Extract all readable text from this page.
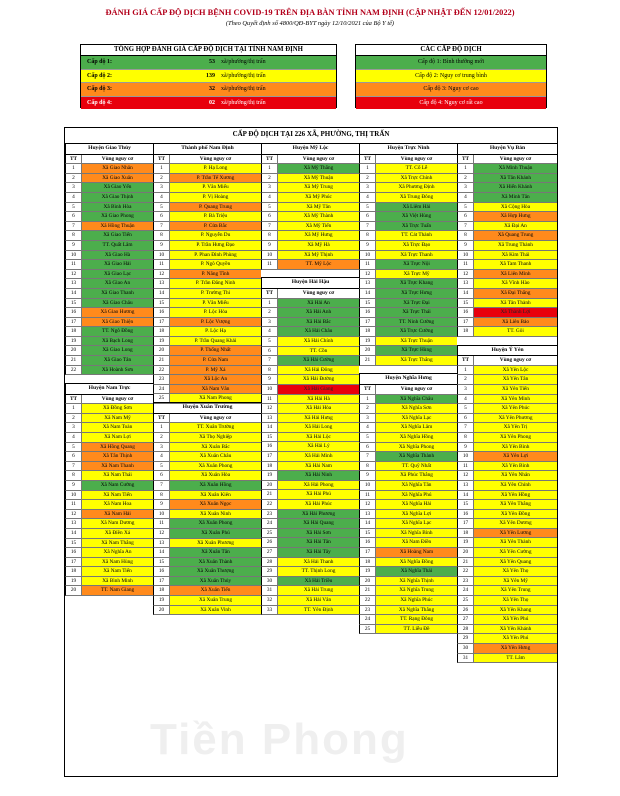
ĐÁNH GIÁ CẤP ĐỘ DỊCH BỆNH COVID-19 TRÊN ĐỊA BÀN TỈNH NAM ĐỊNH (CẬP NHẬT ĐẾN 12/01/2022)
(Theo Quyết định số 4800/QĐ-BYT ngày 12/10/2021 của Bộ Y tế)
TỔNG HỢP ĐÁNH GIÁ CẤP ĐỘ DỊCH TẠI TỈNH NAM ĐỊNH
Cấp độ 1:	53 xã/phường/thị trấn
Cấp độ 2:	139 xã/phường/thị trấn
Cấp độ 3:	32 xã/phường/thị trấn
Cấp độ 4:	02 xã/phường/thị trấn
CÁC CẤP ĐỘ DỊCH
Cấp độ 1: Bình thường mới
Cấp độ 2: Nguy cơ trung bình
Cấp độ 3: Nguy cơ cao
Cấp độ 4: Nguy cơ rất cao
CẤP ĐỘ DỊCH TẠI 226 XÃ, PHƯỜNG, THỊ TRẤN
Huyện Giao Thủy
TT	Vùng nguy cơ
1	Xã Giao Nhân
2	Xã Giao Xuân
3	Xã Giao Yến
4	Xã Giao Thịnh
5	Xã Bình Hòa
6	Xã Giao Phong
7	Xã Hồng Thuận
8	Xã Giao Tiến
9	TT. Quất Lâm
10	Xã Giao Hà
11	Xã Giao Hải
12	Xã Giao Lạc
13	Xã Giao An
14	Xã Giao Thanh
15	Xã Giao Châu
16	Xã Giao Hương
17	Xã Giao Thiện
18	TT. Ngô Đồng
19	Xã Bạch Long
20	Xã Giao Long
21	Xã Giao Tân
22	Xã Hoành Sơn
Thành phố Nam Định
TT	Vùng nguy cơ
1	P. Hạ Long
2	P. Trần Tế Xương
3	P. Văn Miếu
4	P. Vị Hoàng
5	P. Quang Trung
6	P. Bà Triệu
7	P. Cửa Bắc
8	P. Nguyễn Du
9	P. Trần Hưng Đạo
10	P. Phan Đình Phùng
11	P. Ngô Quyền
12	P. Năng Tĩnh
13	P. Trần Đăng Ninh
14	P. Trường Thi
15	P. Văn Miếu
16	P. Lộc Hòa
17	P. Lộc Vượng
18	P. Lộc Hạ
19	P. Trần Quang Khải
20	P. Thống Nhất
21	P. Cửa Nam
22	P. Mỹ Xá
23	Xã Lộc An
24	Xã Nam Vân
25	Xã Nam Phong
Huyện Mỹ Lộc
TT	Vùng nguy cơ
1	Xã Mỹ Thắng
2	Xã Mỹ Thuận
3	Xã Mỹ Trung
4	Xã Mỹ Phúc
5	Xã Mỹ Tân
6	Xã Mỹ Thành
7	Xã Mỹ Tiến
8	Xã Mỹ Hưng
9	Xã Mỹ Hà
10	Xã Mỹ Thịnh
11	TT. Mỹ Lộc
Huyện Trực Ninh
TT	Vùng nguy cơ
1	TT. Cổ Lễ
2	Xã Trực Chính
3	Xã Phương Định
4	Xã Trung Đông
5	Xã Liêm Hải
6	Xã Việt Hùng
7	Xã Trực Tuấn
8	TT. Cát Thành
9	Xã Trực Đạo
10	Xã Trực Thanh
11	Xã Trực Nội
12	Xã Trực Mỹ
13	Xã Trực Khang
14	Xã Trực Hưng
15	Xã Trực Đại
16	Xã Trực Thái
17	TT. Ninh Cường
18	Xã Trực Cường
19	Xã Trực Thuận
20	Xã Trực Hùng
21	Xã Trực Thắng
Huyện Vụ Bản
TT	Vùng nguy cơ
1	Xã Minh Thuận
2	Xã Tân Khánh
3	Xã Hiển Khánh
4	Xã Minh Tân
5	Xã Cộng Hòa
6	Xã Hợp Hưng
7	Xã Đại An
8	Xã Quang Trung
9	Xã Trung Thành
10	Xã Kim Thái
11	Xã Tam Thanh
12	Xã Liên Minh
13	Xã Vĩnh Hào
14	Xã Đại Thắng
15	Xã Tân Thành
16	Xã Thành Lợi
17	Xã Liên Bảo
18	TT. Gôi
Huyện Nam Trực
TT	Vùng nguy cơ
1	Xã Đồng Sơn
2	Xã Nam Mỹ
3	Xã Nam Toàn
4	Xã Nam Lợi
5	Xã Hồng Quang
6	Xã Tân Thịnh
7	Xã Nam Thanh
8	Xã Nam Thái
9	Xã Nam Cường
10	Xã Nam Tiến
11	Xã Nam Hoa
12	Xã Nam Hải
13	Xã Nam Dương
14	Xã Điền Xá
15	Xã Nam Thắng
16	Xã Nghĩa An
17	Xã Nam Hùng
18	Xã Nam Tiến
19	Xã Bình Minh
20	TT. Nam Giang
Huyện Xuân Trường
TT	Vùng nguy cơ
1	TT. Xuân Trường
2	Xã Thọ Nghiệp
3	Xã Xuân Bắc
4	Xã Xuân Châu
5	Xã Xuân Phong
6	Xã Xuân Hòa
7	Xã Xuân Hồng
8	Xã Xuân Kiên
9	Xã Xuân Ngọc
10	Xã Xuân Ninh
11	Xã Xuân Phong
12	Xã Xuân Phú
13	Xã Xuân Phương
14	Xã Xuân Tân
15	Xã Xuân Thành
16	Xã Xuân Thượng
17	Xã Xuân Thủy
18	Xã Xuân Tiến
19	Xã Xuân Trung
20	Xã Xuân Vinh
Huyện Hải Hậu
TT	Vùng nguy cơ
1	Xã Hải An
2	Xã Hải Anh
3	Xã Hải Bắc
4	Xã Hải Châu
5	Xã Hải Chính
6	TT. Cồn
7	Xã Hải Cường
8	Xã Hải Đông
9	Xã Hải Đường
10	Xã Hải Giang
11	Xã Hải Hà
12	Xã Hải Hòa
13	Xã Hải Hưng
14	Xã Hải Long
15	Xã Hải Lộc
16	Xã Hải Lý
17	Xã Hải Minh
18	Xã Hải Nam
19	Xã Hải Ninh
20	Xã Hải Phong
21	Xã Hải Phú
22	Xã Hải Phúc
23	Xã Hải Phương
24	Xã Hải Quang
25	Xã Hải Sơn
26	Xã Hải Tân
27	Xã Hải Tây
28	Xã Hải Thanh
29	TT. Thịnh Long
30	Xã Hải Triều
31	Xã Hải Trung
32	Xã Hải Vân
33	TT. Yên Định
Huyện Nghĩa Hưng
TT	Vùng nguy cơ
1	Xã Nghĩa Châu
2	Xã Nghĩa Sơn
3	Xã Nghĩa Lạc
4	Xã Nghĩa Lâm
5	Xã Nghĩa Hồng
6	Xã Nghĩa Phong
7	Xã Nghĩa Thành
8	TT. Quỹ Nhất
9	Xã Phúc Thắng
10	Xã Nghĩa Tân
11	Xã Nghĩa Phú
12	Xã Nghĩa Hải
13	Xã Nghĩa Lợi
14	Xã Nghĩa Lạc
15	Xã Nghĩa Bình
16	Xã Nam Điền
17	Xã Hoàng Nam
18	Xã Nghĩa Đồng
19	Xã Nghĩa Thái
20	Xã Nghĩa Thịnh
21	Xã Nghĩa Trung
22	Xã Nghĩa Phúc
23	Xã Nghĩa Thắng
24	TT. Rạng Đông
25	TT. Liễu Đề
Huyện Ý Yên
TT	Vùng nguy cơ
1	Xã Yên Lộc
2	Xã Yên Tân
3	Xã Yên Tiến
4	Xã Yên Minh
5	Xã Yên Phúc
6	Xã Yên Phương
7	Xã Yên Trị
8	Xã Yên Phong
9	Xã Yên Bình
10	Xã Yên Lợi
11	Xã Yên Bình
12	Xã Yên Nhân
13	Xã Yên Chính
14	Xã Yên Hồng
15	Xã Yên Thắng
16	Xã Yên Đồng
17	Xã Yên Dương
18	Xã Yên Lương
19	Xã Yên Thành
20	Xã Yên Cường
21	Xã Yên Quang
22	Xã Yên Thọ
23	Xã Yên Mỹ
24	Xã Yên Trung
25	Xã Yên Thọ
26	Xã Yên Khang
27	Xã Yên Phú
28	Xã Yên Khánh
29	Xã Yên Phú
30	Xã Yên Hưng
31	TT. Lâm
Tiền Phong
